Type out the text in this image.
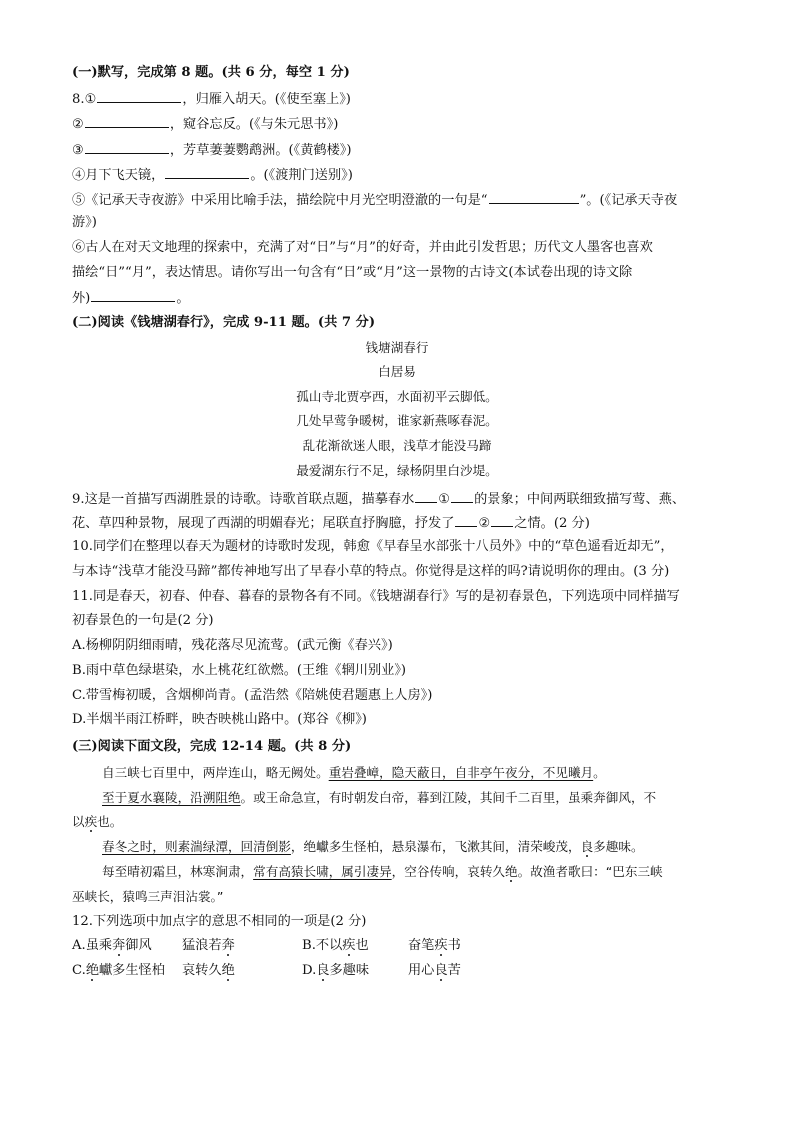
(一)默写，完成第 8 题。(共 6 分，每空 1 分)
8.①	，归雁入胡天。(《使至塞上》)
②	，窥谷忘反。(《与朱元思书》)
③	，芳草萋萋鹦鹉洲。(《黄鹤楼》)
④月下飞天镜，	。(《渡荆门送别》)
⑤《记承天寺夜游》中采用比喻手法，描绘院中月光空明澄澈的一句是“	”。(《记承天寺夜
游》)
⑥古人在对天文地理的探索中，充满了对“日”与“月”的好奇，并由此引发哲思；历代文人墨客也喜欢
描绘“日”“月”，表达情思。请你写出一句含有“日”或“月”这一景物的古诗文(本试卷出现的诗文除
外)	。
(二)阅读《钱塘湖春行》，完成 9-11 题。(共 7 分)
钱塘湖春行
白居易
孤山寺北贾亭西，水面初平云脚低。
几处早莺争暖树，谁家新燕啄春泥。
乱花渐欲迷人眼，浅草才能没马蹄
最爱湖东行不足，绿杨阴里白沙堤。
9.这是一首描写西湖胜景的诗歌。诗歌首联点题，描摹春水 ① 的景象；中间两联细致描写莺、燕、
花、草四种景物，展现了西湖的明媚春光；尾联直抒胸臆，抒发了 ② 之情。(2 分)
10.同学们在整理以春天为题材的诗歌时发现，韩愈《早春呈水部张十八员外》中的“草色遥看近却无”，
与本诗“浅草才能没马蹄”都传神地写出了早春小草的特点。你觉得是这样的吗?请说明你的理由。(3 分)
11.同是春天，初春、仲春、暮春的景物各有不同。《钱塘湖春行》写的是初春景色，下列选项中同样描写
初春景色的一句是(2 分)
A.杨柳阴阴细雨晴，残花落尽见流莺。(武元衡《春兴》)
B.雨中草色绿堪染，水上桃花红欲燃。(王维《辋川别业》)
C.带雪梅初暖，含烟柳尚青。(孟浩然《陪姚使君题惠上人房》)
D.半烟半雨江桥畔，映杏映桃山路中。(郑谷《柳》)
(三)阅读下面文段，完成 12-14 题。(共 8 分)
自三峡七百里中，两岸连山，略无阙处。重岩叠嶂，隐天蔽日，自非亭午夜分，不见曦月。
至于夏水襄陵，沿溯阻绝。或王命急宣，有时朝发白帝，暮到江陵，其间千二百里，虽乘奔御风，不
以疾也。
春冬之时，则素湍绿潭，回清倒影，绝巘多生怪柏，悬泉瀑布，飞漱其间，清荣峻茂，良多趣味。
每至晴初霜旦，林寒涧肃，常有高猿长啸，属引凄异，空谷传响，哀转久绝。故渔者歌曰：“巴东三峡
巫峡长，猿鸣三声泪沾裳。”
12.下列选项中加点字的意思不相同的一项是(2 分)
A.虽乘奔御风 猛浪若奔	B.不以疾也	奋笔疾书
C.绝巘多生怪柏 哀转久绝	D.良多趣味	用心良苦
